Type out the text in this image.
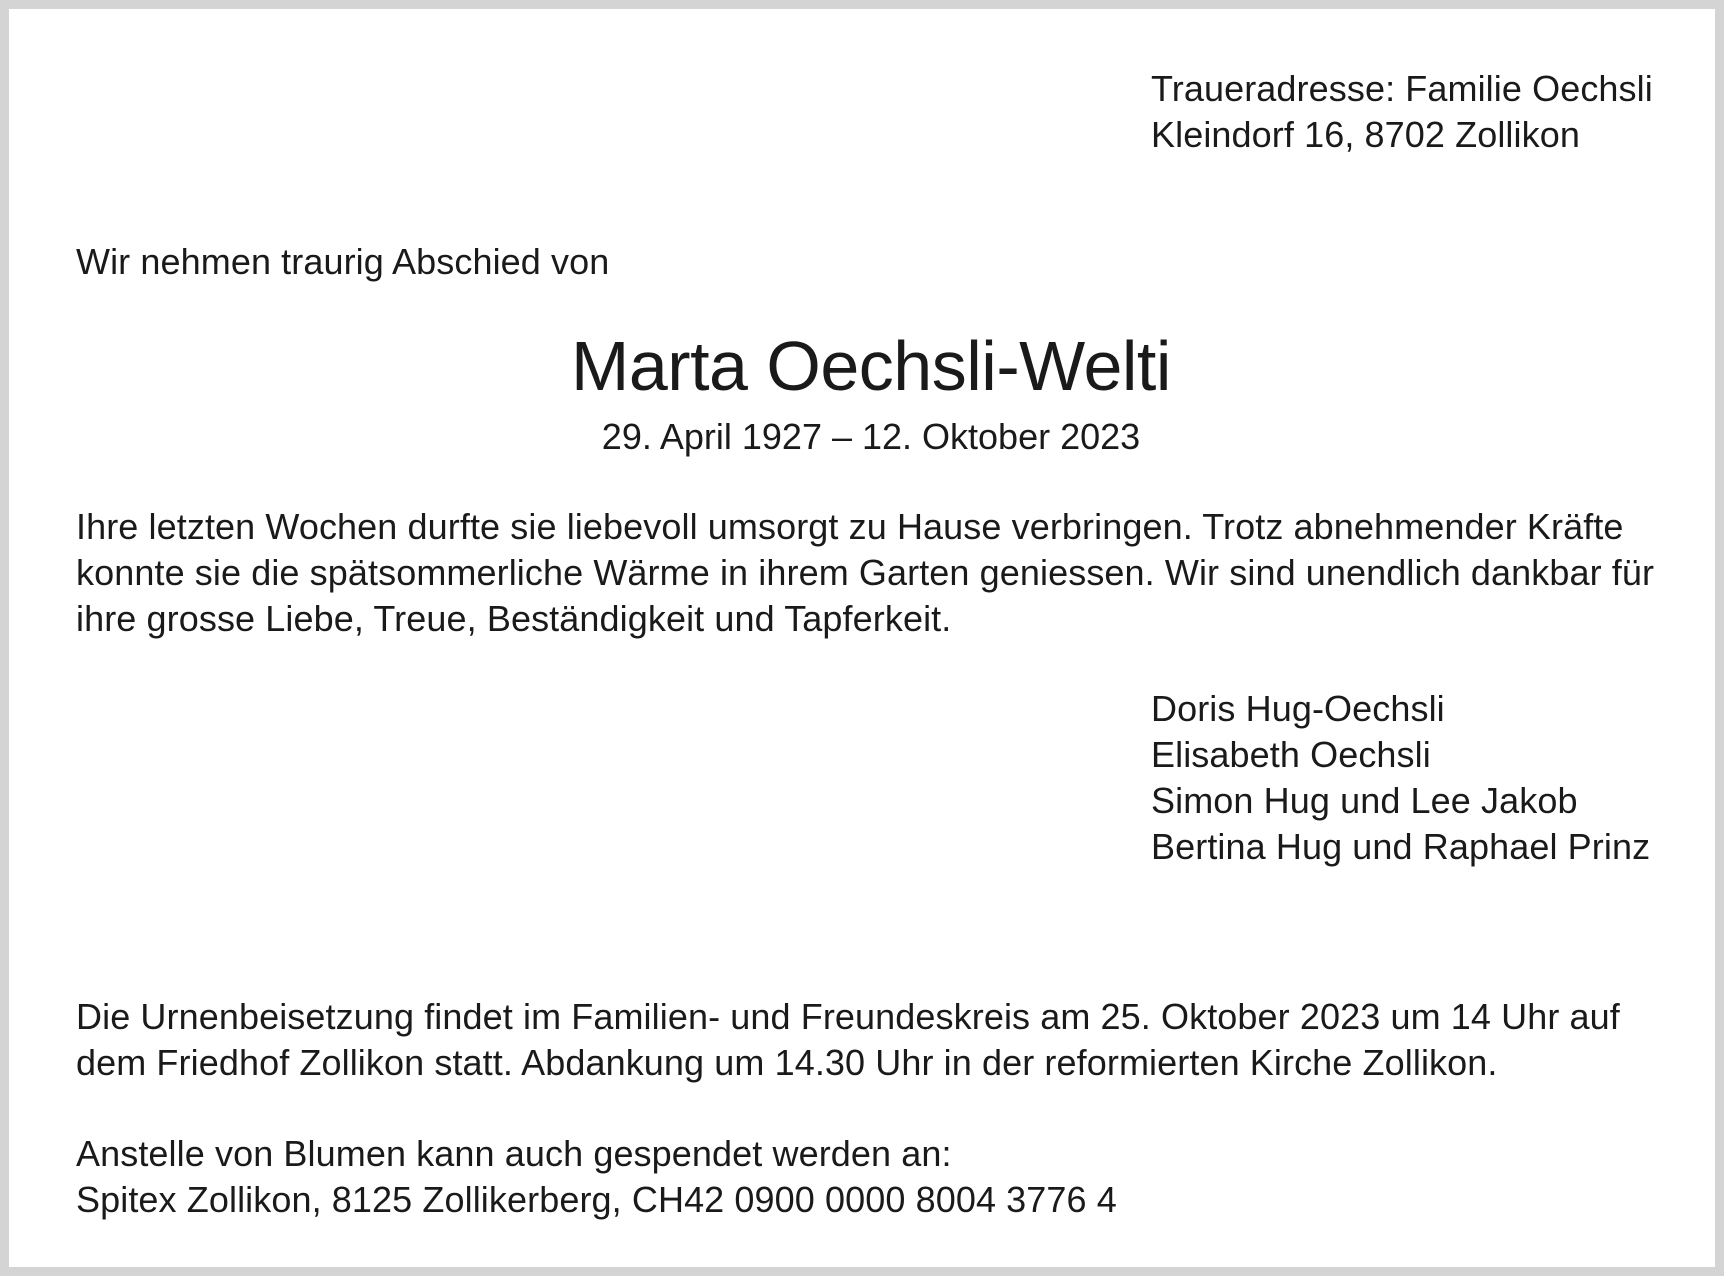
Traueradresse: Familie Oechsli
Kleindorf 16, 8702 Zollikon
Wir nehmen traurig Abschied von
Marta Oechsli-Welti
29. April 1927 – 12. Oktober 2023
Ihre letzten Wochen durfte sie liebevoll umsorgt zu Hause verbringen. Trotz abnehmender Kräfte
konnte sie die spätsommerliche Wärme in ihrem Garten geniessen. Wir sind unendlich dankbar für
ihre grosse Liebe, Treue, Beständigkeit und Tapferkeit.
Doris Hug-Oechsli
Elisabeth Oechsli
Simon Hug und Lee Jakob
Bertina Hug und Raphael Prinz
Die Urnenbeisetzung findet im Familien- und Freundeskreis am 25. Oktober 2023 um 14 Uhr auf
dem Friedhof Zollikon statt. Abdankung um 14.30 Uhr in der reformierten Kirche Zollikon.
Anstelle von Blumen kann auch gespendet werden an:
Spitex Zollikon, 8125 Zollikerberg, CH42 0900 0000 8004 3776 4
